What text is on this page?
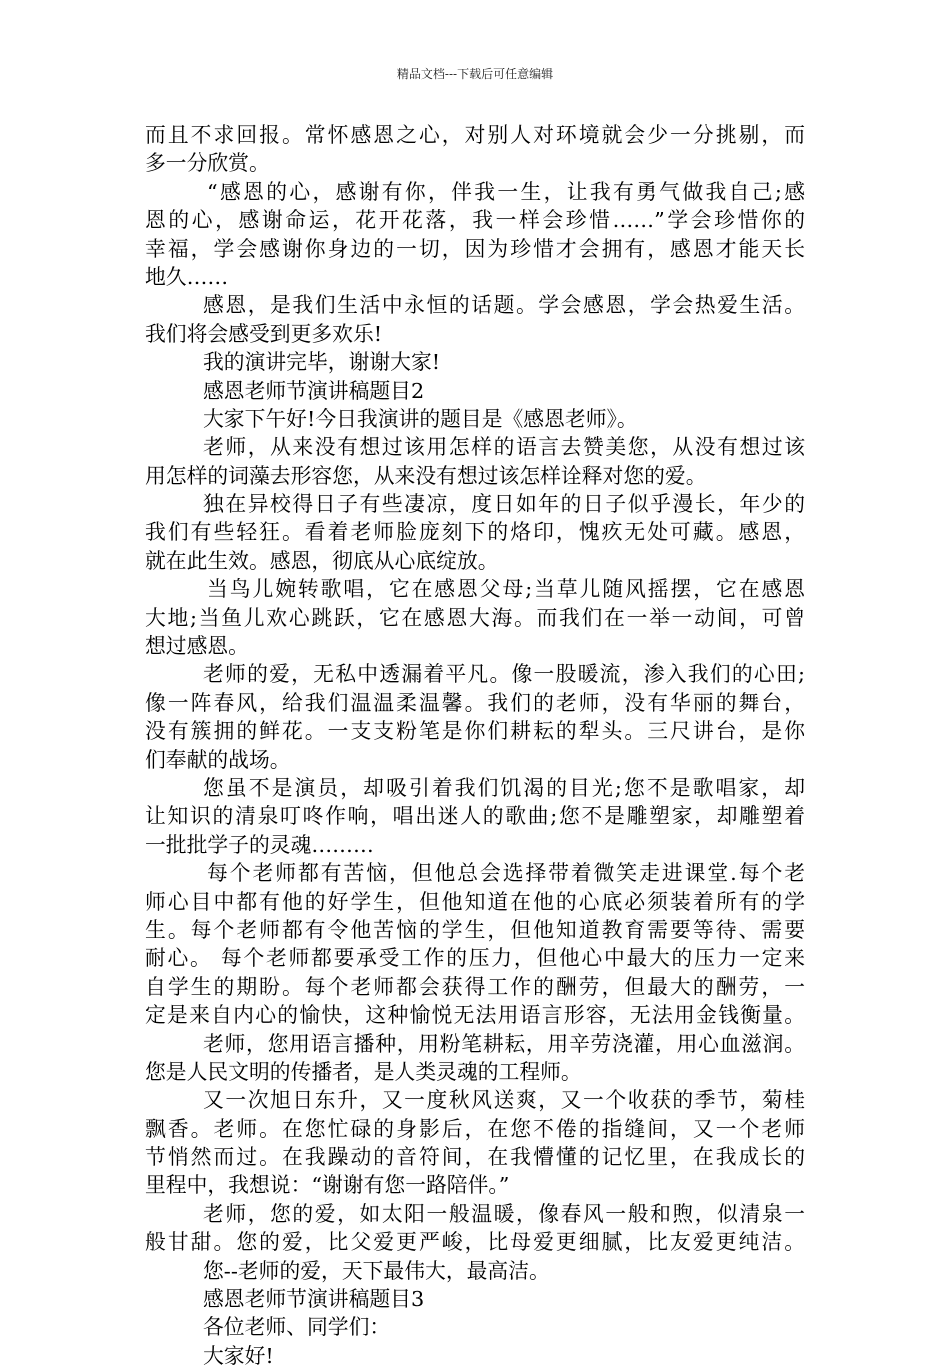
精品文档---下载后可任意编辑
而且不求回报。常怀感恩之心，对别人对环境就会少一分挑剔，而
多一分欣赏。
“感恩的心，感谢有你，伴我一生，让我有勇气做我自己;感
恩的心，感谢命运，花开花落，我一样会珍惜……”学会珍惜你的
幸福，学会感谢你身边的一切，因为珍惜才会拥有，感恩才能天长
地久……
感恩，是我们生活中永恒的话题。学会感恩，学会热爱生活。
我们将会感受到更多欢乐!
我的演讲完毕，谢谢大家!
感恩老师节演讲稿题目2
大家下午好!今日我演讲的题目是《感恩老师》。
老师，从来没有想过该用怎样的语言去赞美您，从没有想过该
用怎样的词藻去形容您，从来没有想过该怎样诠释对您的爱。
独在异校得日子有些凄凉，度日如年的日子似乎漫长，年少的
我们有些轻狂。看着老师脸庞刻下的烙印，愧疚无处可藏。感恩，
就在此生效。感恩，彻底从心底绽放。
当鸟儿婉转歌唱，它在感恩父母;当草儿随风摇摆，它在感恩
大地;当鱼儿欢心跳跃，它在感恩大海。而我们在一举一动间，可曾
想过感恩。
老师的爱，无私中透漏着平凡。像一股暖流，渗入我们的心田;
像一阵春风，给我们温温柔温馨。我们的老师，没有华丽的舞台，
没有簇拥的鲜花。一支支粉笔是你们耕耘的犁头。三尺讲台，是你
们奉献的战场。
您虽不是演员，却吸引着我们饥渴的目光;您不是歌唱家，却
让知识的清泉叮咚作响，唱出迷人的歌曲;您不是雕塑家，却雕塑着
一批批学子的灵魂………
每个老师都有苦恼，但他总会选择带着微笑走进课堂.每个老
师心目中都有他的好学生，但他知道在他的心底必须装着所有的学
生。每个老师都有令他苦恼的学生，但他知道教育需要等待、需要
耐心。 每个老师都要承受工作的压力，但他心中最大的压力一定来
自学生的期盼。每个老师都会获得工作的酬劳，但最大的酬劳，一
定是来自内心的愉快，这种愉悦无法用语言形容，无法用金钱衡量。
老师，您用语言播种，用粉笔耕耘，用辛劳浇灌，用心血滋润。
您是人民文明的传播者，是人类灵魂的工程师。
又一次旭日东升，又一度秋风送爽，又一个收获的季节，菊桂
飘香。老师。在您忙碌的身影后，在您不倦的指缝间，又一个老师
节悄然而过。在我躁动的音符间，在我懵懂的记忆里，在我成长的
里程中，我想说：“谢谢有您一路陪伴。”
老师，您的爱，如太阳一般温暖，像春风一般和煦，似清泉一
般甘甜。您的爱，比父爱更严峻，比母爱更细腻，比友爱更纯洁。
您--老师的爱，天下最伟大，最高洁。
感恩老师节演讲稿题目3
各位老师、同学们：
大家好!
